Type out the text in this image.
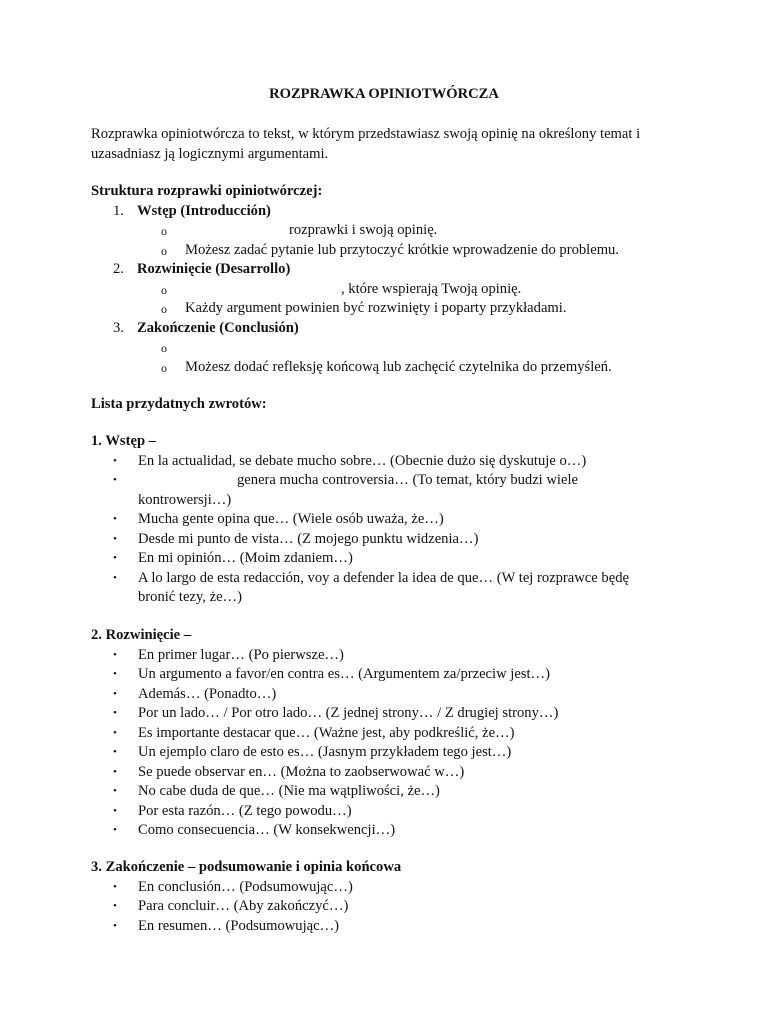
ROZPRAWKA OPINIOTWÓRCZA
Rozprawka opiniotwórcza to tekst, w którym przedstawiasz swoją opinię na określony temat i
uzasadniasz ją logicznymi argumentami.
Struktura rozprawki opiniotwórczej:
1. Wstęp (Introducción)
o	rozprawki i swoją opinię.
o Możesz zadać pytanie lub przytoczyć krótkie wprowadzenie do problemu.
2. Rozwinięcie (Desarrollo)
o	, które wspierają Twoją opinię.
o Każdy argument powinien być rozwinięty i poparty przykładami.
3. Zakończenie (Conclusión)
o
o Możesz dodać refleksję końcową lub zachęcić czytelnika do przemyśleń.
Lista przydatnych zwrotów:
1. Wstęp –
• En la actualidad, se debate mucho sobre… (Obecnie dużo się dyskutuje o…)
•	genera mucha controversia… (To temat, który budzi wiele
kontrowersji…)
• Mucha gente opina que… (Wiele osób uważa, że…)
• Desde mi punto de vista… (Z mojego punktu widzenia…)
• En mi opinión… (Moim zdaniem…)
• A lo largo de esta redacción, voy a defender la idea de que… (W tej rozprawce będę
bronić tezy, że…)
2. Rozwinięcie –
• En primer lugar… (Po pierwsze…)
• Un argumento a favor/en contra es… (Argumentem za/przeciw jest…)
• Además… (Ponadto…)
• Por un lado… / Por otro lado… (Z jednej strony… / Z drugiej strony…)
• Es importante destacar que… (Ważne jest, aby podkreślić, że…)
• Un ejemplo claro de esto es… (Jasnym przykładem tego jest…)
• Se puede observar en… (Można to zaobserwować w…)
• No cabe duda de que… (Nie ma wątpliwości, że…)
• Por esta razón… (Z tego powodu…)
• Como consecuencia… (W konsekwencji…)
3. Zakończenie – podsumowanie i opinia końcowa
• En conclusión… (Podsumowując…)
• Para concluir… (Aby zakończyć…)
• En resumen… (Podsumowując…)
